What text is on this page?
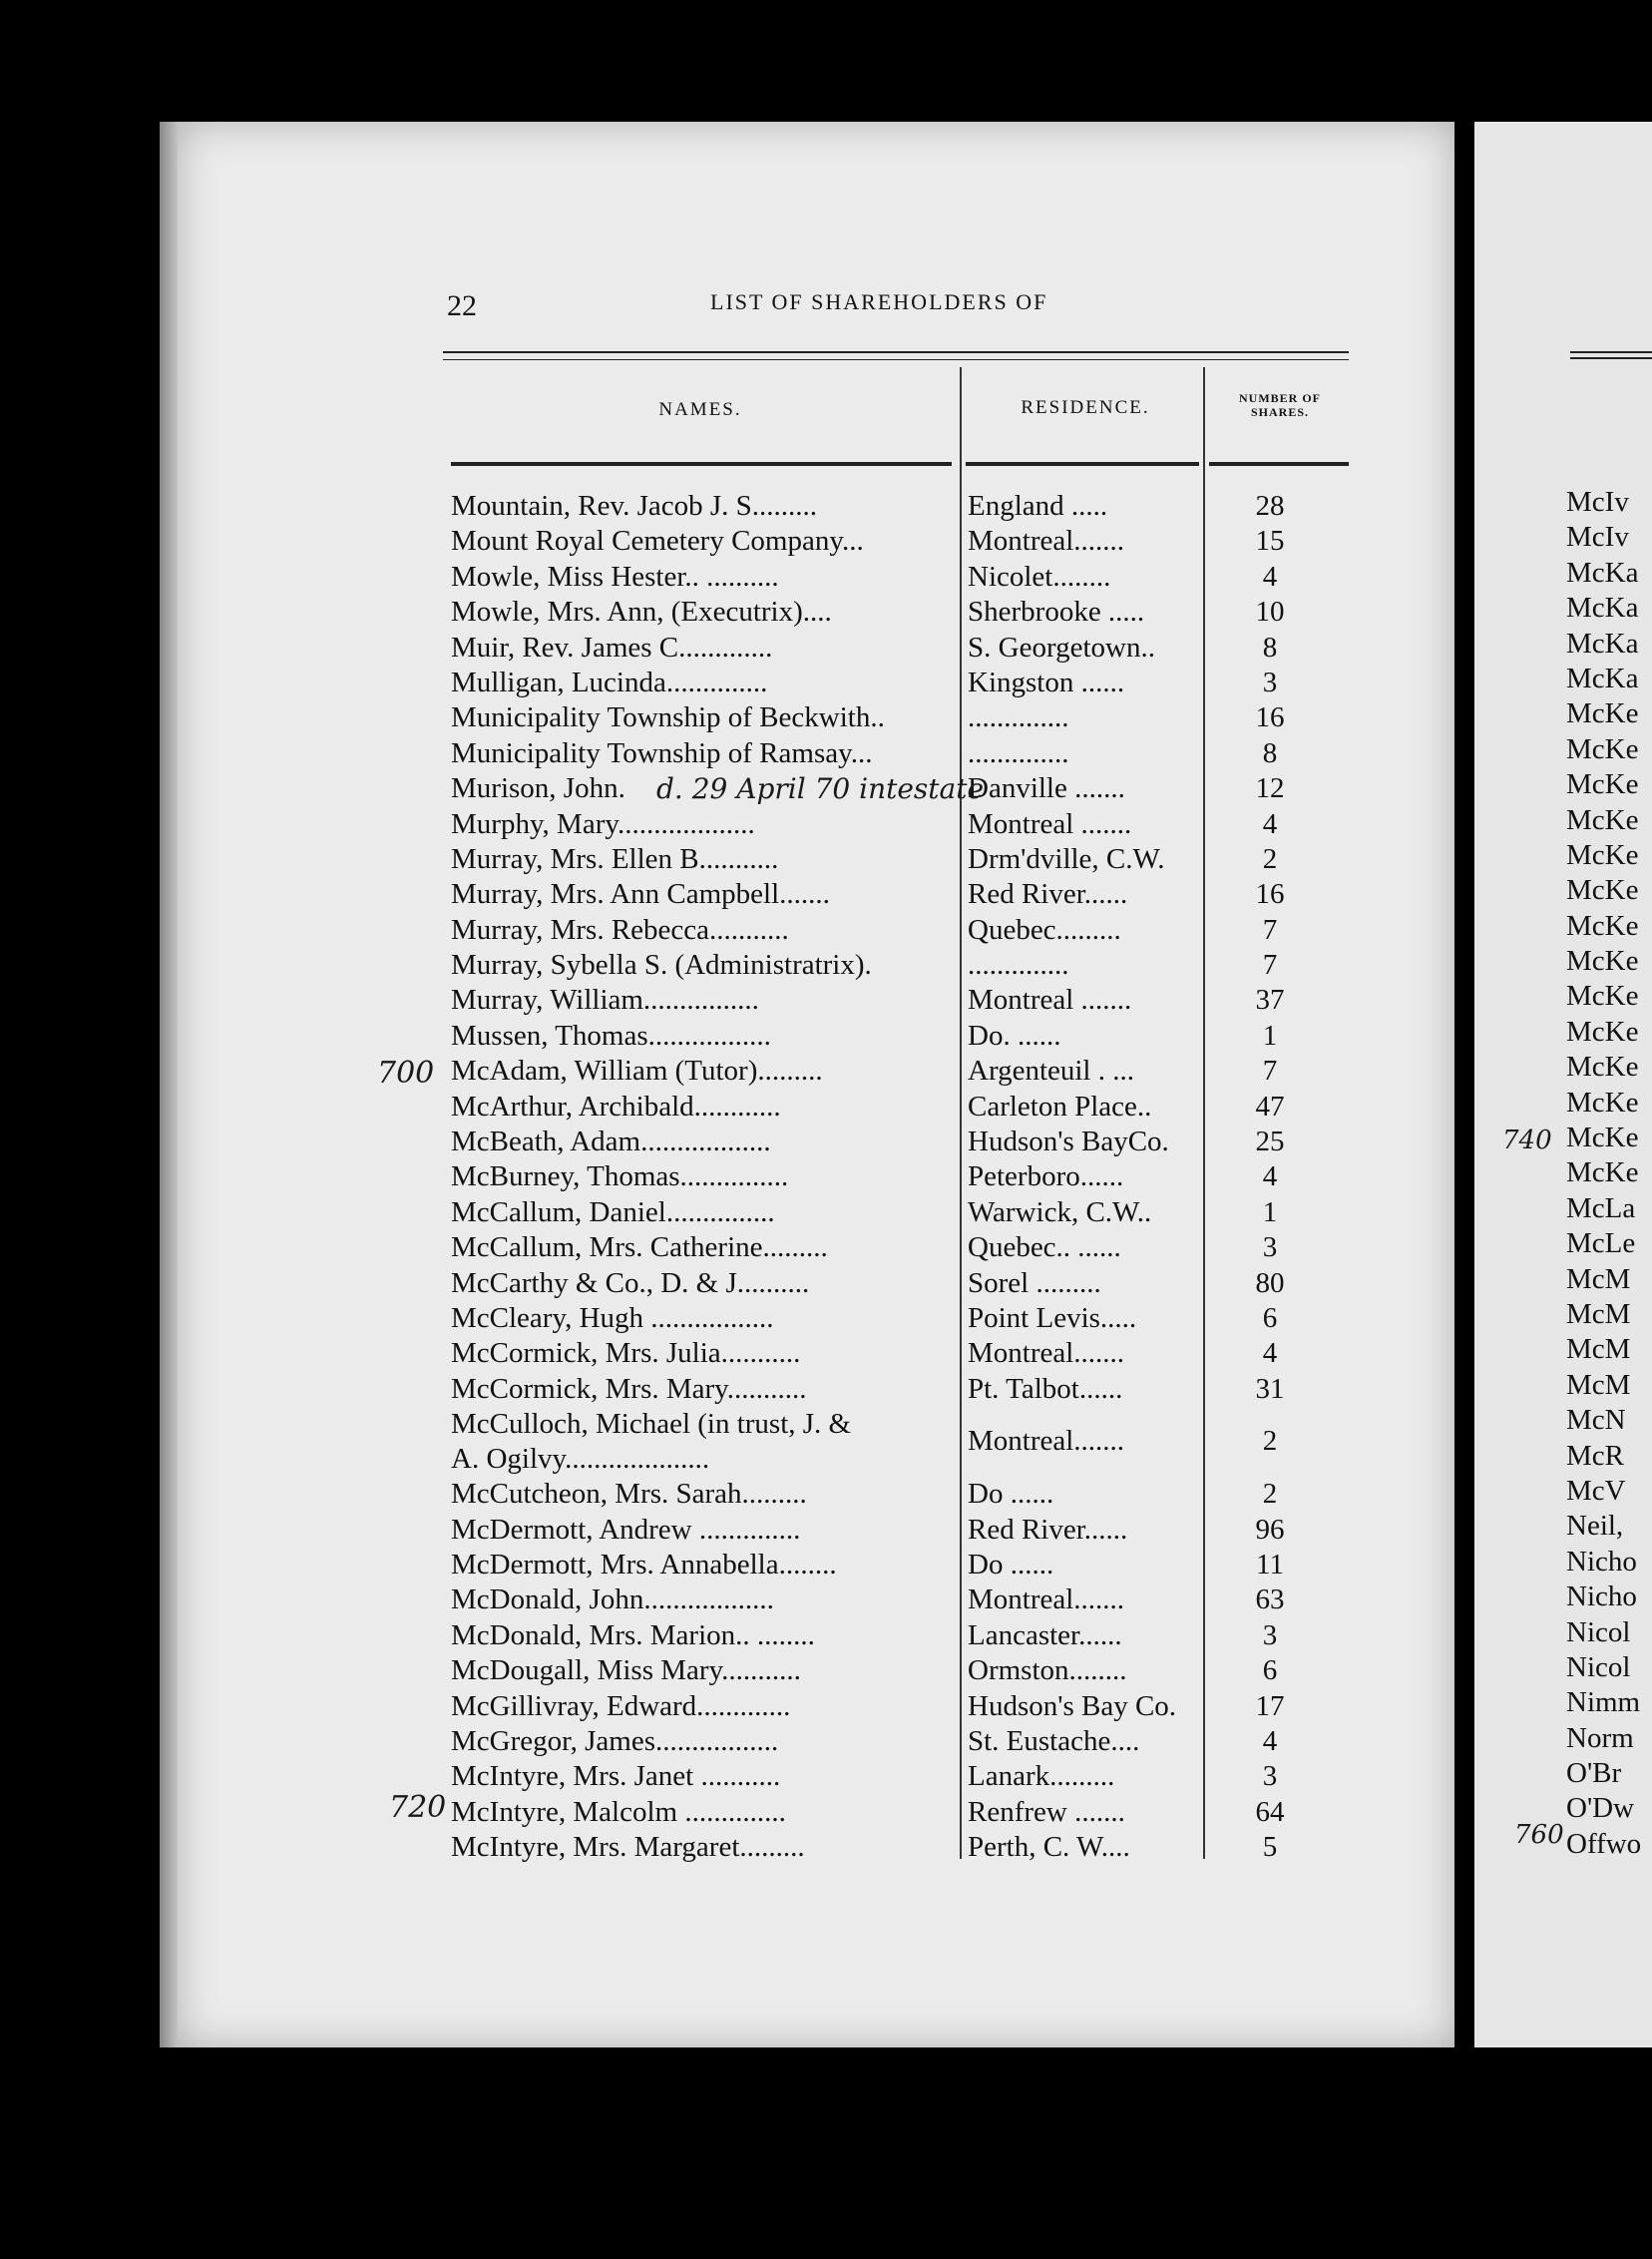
22	LIST OF SHAREHOLDERS OF
NAMES.	RESIDENCE.	NUMBER OF
SHARES.
Mountain, Rev. Jacob J. S.........	England .....	28
Mount Royal Cemetery Company...	Montreal.......	15
Mowle, Miss Hester.. ..........	Nicolet........	4
Mowle, Mrs. Ann, (Executrix)....	Sherbrooke .....	10
Muir, Rev. James C.............	S. Georgetown..	8
Mulligan, Lucinda..............	Kingston ......	3
Municipality Township of Beckwith..	..............	16
Municipality Township of Ramsay...	..............	8
Murison, John.	Danville .......	12
Murphy, Mary...................	Montreal .......	4
Murray, Mrs. Ellen B...........	Drm'dville, C.W.	2
Murray, Mrs. Ann Campbell.......	Red River......	16
Murray, Mrs. Rebecca...........	Quebec.........	7
Murray, Sybella S. (Administratrix).	..............	7
Murray, William................	Montreal .......	37
Mussen, Thomas.................	Do. ......	1
McAdam, William (Tutor).........	Argenteuil . ...	7
McArthur, Archibald............	Carleton Place..	47
McBeath, Adam..................	Hudson's BayCo.	25
McBurney, Thomas...............	Peterboro......	4
McCallum, Daniel...............	Warwick, C.W..	1
McCallum, Mrs. Catherine.........	Quebec.. ......	3
McCarthy & Co., D. & J..........	Sorel .........	80
McCleary, Hugh .................	Point Levis.....	6
McCormick, Mrs. Julia...........	Montreal.......	4
McCormick, Mrs. Mary...........	Pt. Talbot......	31
McCulloch, Michael (in trust, J. &
A. Ogilvy....................
Montreal.......	2
McCutcheon, Mrs. Sarah.........	Do ......	2
McDermott, Andrew ..............	Red River......	96
McDermott, Mrs. Annabella........	Do ......	11
McDonald, John..................	Montreal.......	63
McDonald, Mrs. Marion.. ........	Lancaster......	3
McDougall, Miss Mary...........	Ormston........	6
McGillivray, Edward.............	Hudson's Bay Co.	17
McGregor, James.................	St. Eustache....	4
McIntyre, Mrs. Janet ...........	Lanark.........	3
McIntyre, Malcolm ..............	Renfrew .......	64
McIntyre, Mrs. Margaret.........	Perth, C. W....	5
d. 29 April 70 intestate
700
720
McIv
McIv
McKa
McKa
McKa
McKa
McKe
McKe
McKe
McKe
McKe
McKe
McKe
McKe
McKe
McKe
McKe
McKe
McKe
McKe
McLa
McLe
McM
McM
McM
McM
McN
McR
McV
Neil,
Nicho
Nicho
Nicol
Nicol
Nimm
Norm
O'Br
O'Dw
Offwo
740
760
